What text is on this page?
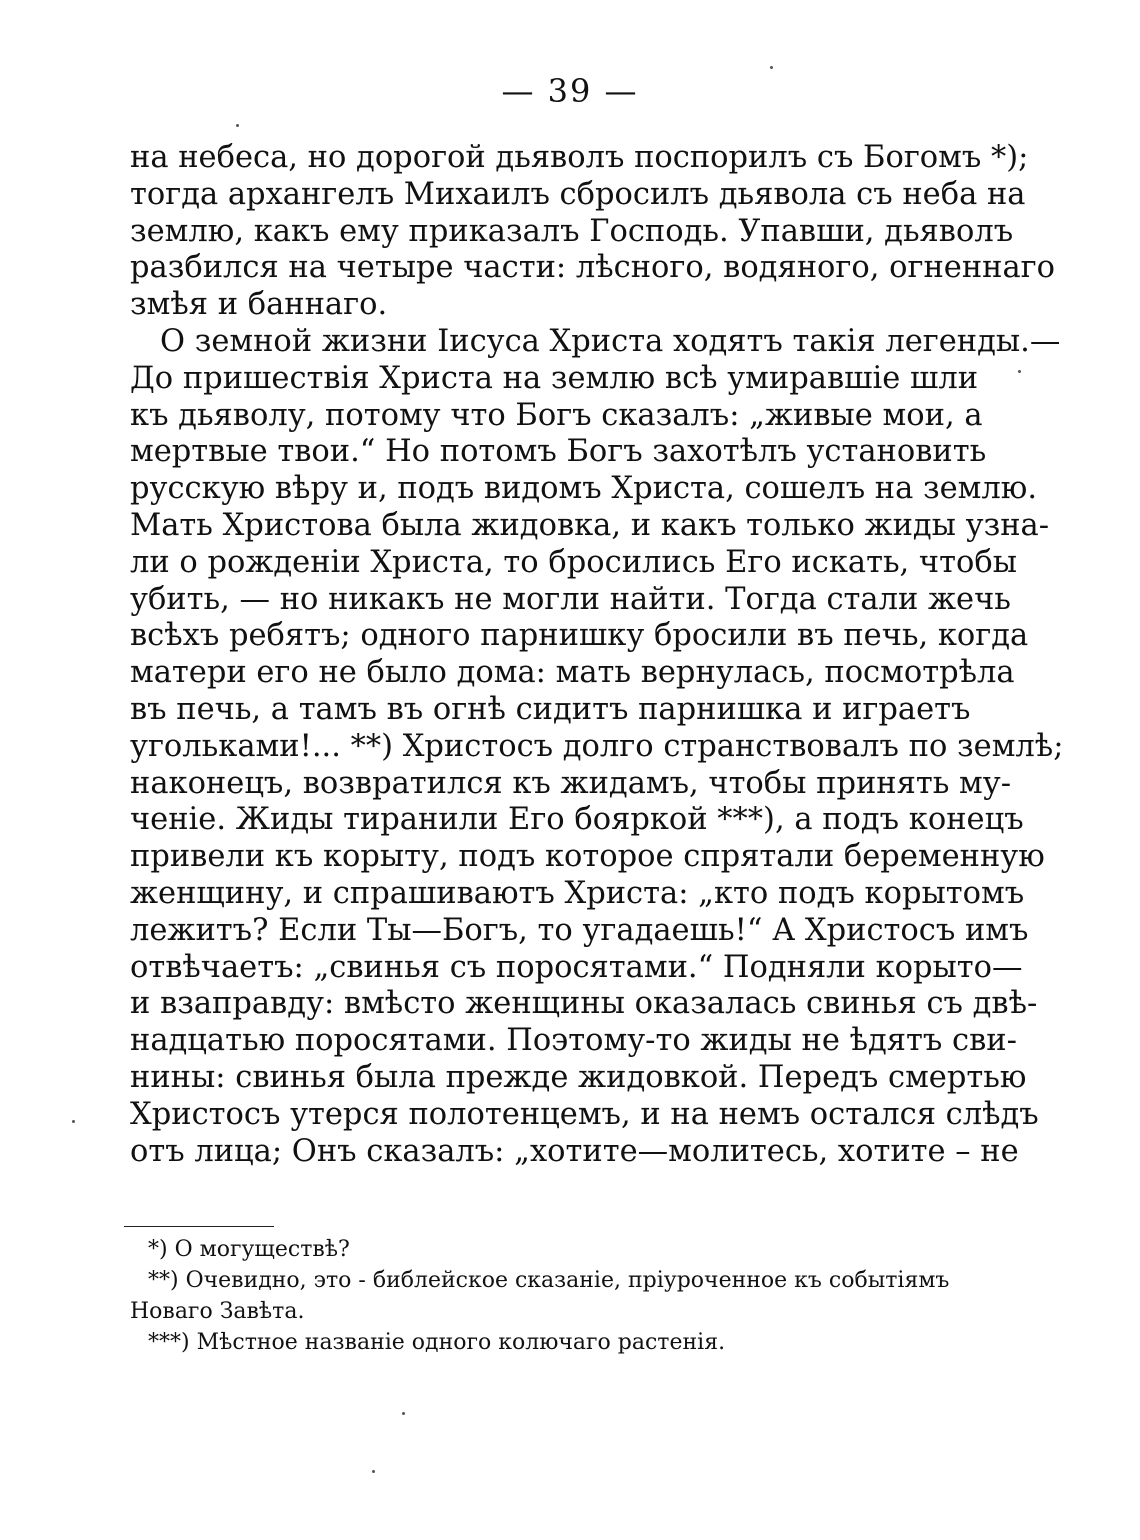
— 39 —
на небеса, но дорогой дьяволъ поспорилъ съ Богомъ *);
тогда архангелъ Михаилъ сбросилъ дьявола съ неба на
землю, какъ ему приказалъ Господь. Упавши, дьяволъ
разбился на четыре части: лѣсного, водяного, огненнаго
змѣя и баннаго.
О земной жизни Іисуса Христа ходятъ такія легенды.—
До пришествія Христа на землю всѣ умиравшіе шли
къ дьяволу, потому что Богъ сказалъ: „живые мои, а
мертвые твои.“ Но потомъ Богъ захотѣлъ установить
русскую вѣру и, подъ видомъ Христа, сошелъ на землю.
Мать Христова была жидовка, и какъ только жиды узна-
ли о рожденіи Христа, то бросились Его искать, чтобы
убить, — но никакъ не могли найти. Тогда стали жечь
всѣхъ ребятъ; одного парнишку бросили въ печь, когда
матери его не было дома: мать вернулась, посмотрѣла
въ печь, а тамъ въ огнѣ сидитъ парнишка и играетъ
угольками!... **) Христосъ долго странствовалъ по землѣ;
наконецъ, возвратился къ жидамъ, чтобы принять му-
ченіе. Жиды тиранили Его бояркой ***), а подъ конецъ
привели къ корыту, подъ которое спрятали беременную
женщину, и спрашиваютъ Христа: „кто подъ корытомъ
лежитъ? Если Ты—Богъ, то угадаешь!“ А Христосъ имъ
отвѣчаетъ: „свинья съ поросятами.“ Подняли корыто—
и взаправду: вмѣсто женщины оказалась свинья съ двѣ-
надцатью поросятами. Поэтому-то жиды не ѣдятъ сви-
нины: свинья была прежде жидовкой. Передъ смертью
Христосъ утерся полотенцемъ, и на немъ остался слѣдъ
отъ лица; Онъ сказалъ: „хотите—молитесь, хотите – не
*) О могуществѣ?
**) Очевидно, это - библейское сказаніе, пріуроченное къ событіямъ
Новаго Завѣта.
***) Мѣстное названіе одного колючаго растенія.
